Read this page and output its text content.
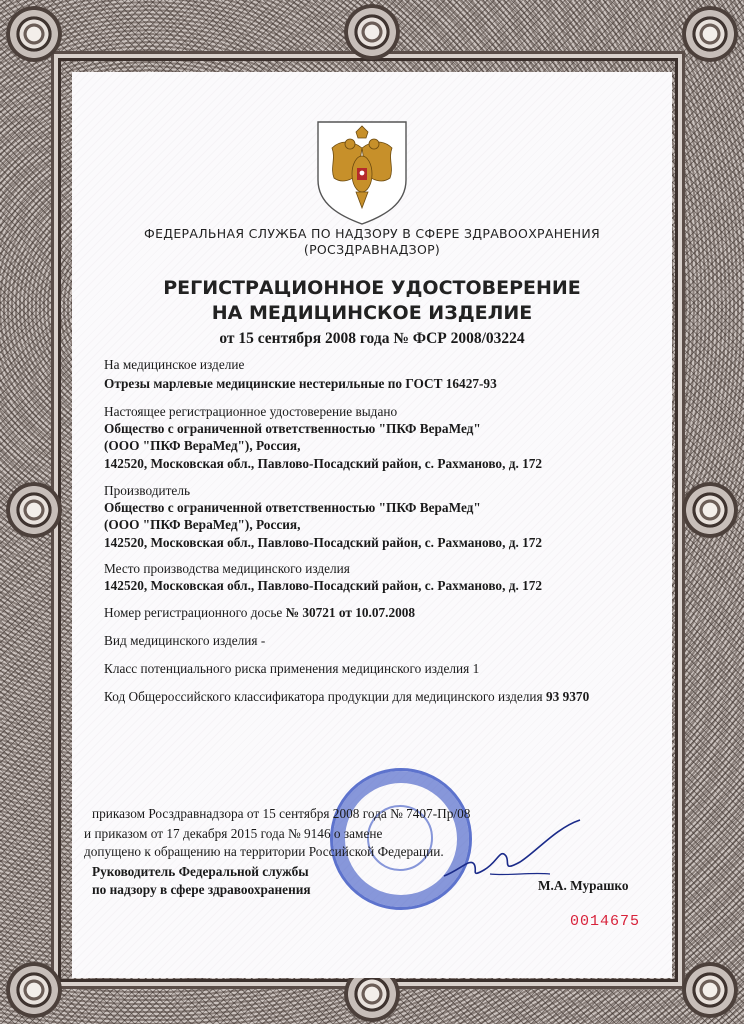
ФЕДЕРАЛЬНАЯ СЛУЖБА ПО НАДЗОРУ В СФЕРЕ ЗДРАВООХРАНЕНИЯ
(РОСЗДРАВНАДЗОР)
РЕГИСТРАЦИОННОЕ УДОСТОВЕРЕНИЕ
НА МЕДИЦИНСКОЕ ИЗДЕЛИЕ
от 15 сентября 2008 года № ФСР 2008/03224
На медицинское изделие
Отрезы марлевые медицинские нестерильные по ГОСТ 16427-93
Настоящее регистрационное удостоверение выдано
Общество с ограниченной ответственностью "ПКФ ВераМед"
(ООО "ПКФ ВераМед"), Россия,
142520, Московская обл., Павлово-Посадский район, с. Рахманово, д. 172
Производитель
Общество с ограниченной ответственностью "ПКФ ВераМед"
(ООО "ПКФ ВераМед"), Россия,
142520, Московская обл., Павлово-Посадский район, с. Рахманово, д. 172
Место производства медицинского изделия
142520, Московская обл., Павлово-Посадский район, с. Рахманово, д. 172
Номер регистрационного досье № 30721 от 10.07.2008
Вид медицинского изделия -
Класс потенциального риска применения медицинского изделия 1
Код Общероссийского классификатора продукции для медицинского изделия 93 9370
приказом Росздравнадзора от 15 сентября 2008 года № 7407-Пр/08
и приказом от 17 декабря 2015 года № 9146 о замене
допущено к обращению на территории Российской Федерации.
Руководитель Федеральной службы
по надзору в сфере здравоохранения	М.А. Мурашко
0014675
